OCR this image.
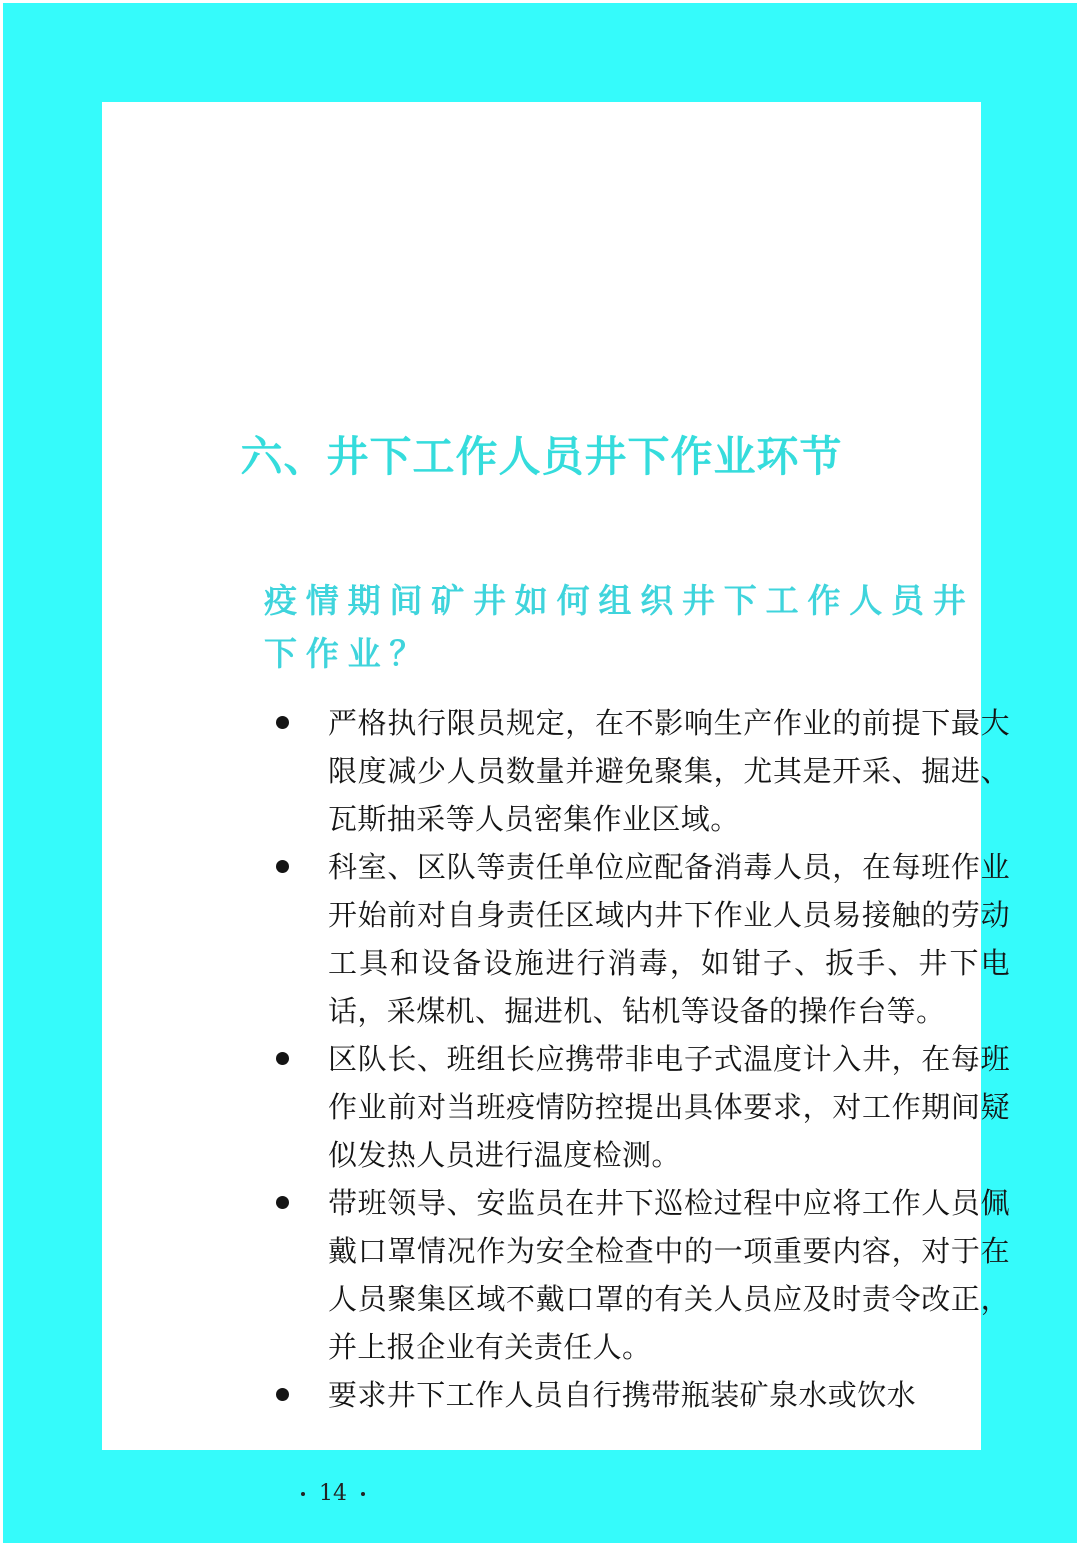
六、井下工作人员井下作业环节
疫情期间矿井如何组织井下工作人员井下作业？
严格执行限员规定，在不影响生产作业的前提下最大限度减少人员数量并避免聚集，尤其是开采、掘进、瓦斯抽采等人员密集作业区域。
科室、区队等责任单位应配备消毒人员，在每班作业开始前对自身责任区域内井下作业人员易接触的劳动工具和设备设施进行消毒，如钳子、扳手、井下电话，采煤机、掘进机、钻机等设备的操作台等。
区队长、班组长应携带非电子式温度计入井，在每班作业前对当班疫情防控提出具体要求，对工作期间疑似发热人员进行温度检测。
带班领导、安监员在井下巡检过程中应将工作人员佩戴口罩情况作为安全检查中的一项重要内容，对于在人员聚集区域不戴口罩的有关人员应及时责令改正，并上报企业有关责任人。
要求井下工作人员自行携带瓶装矿泉水或饮水
14
